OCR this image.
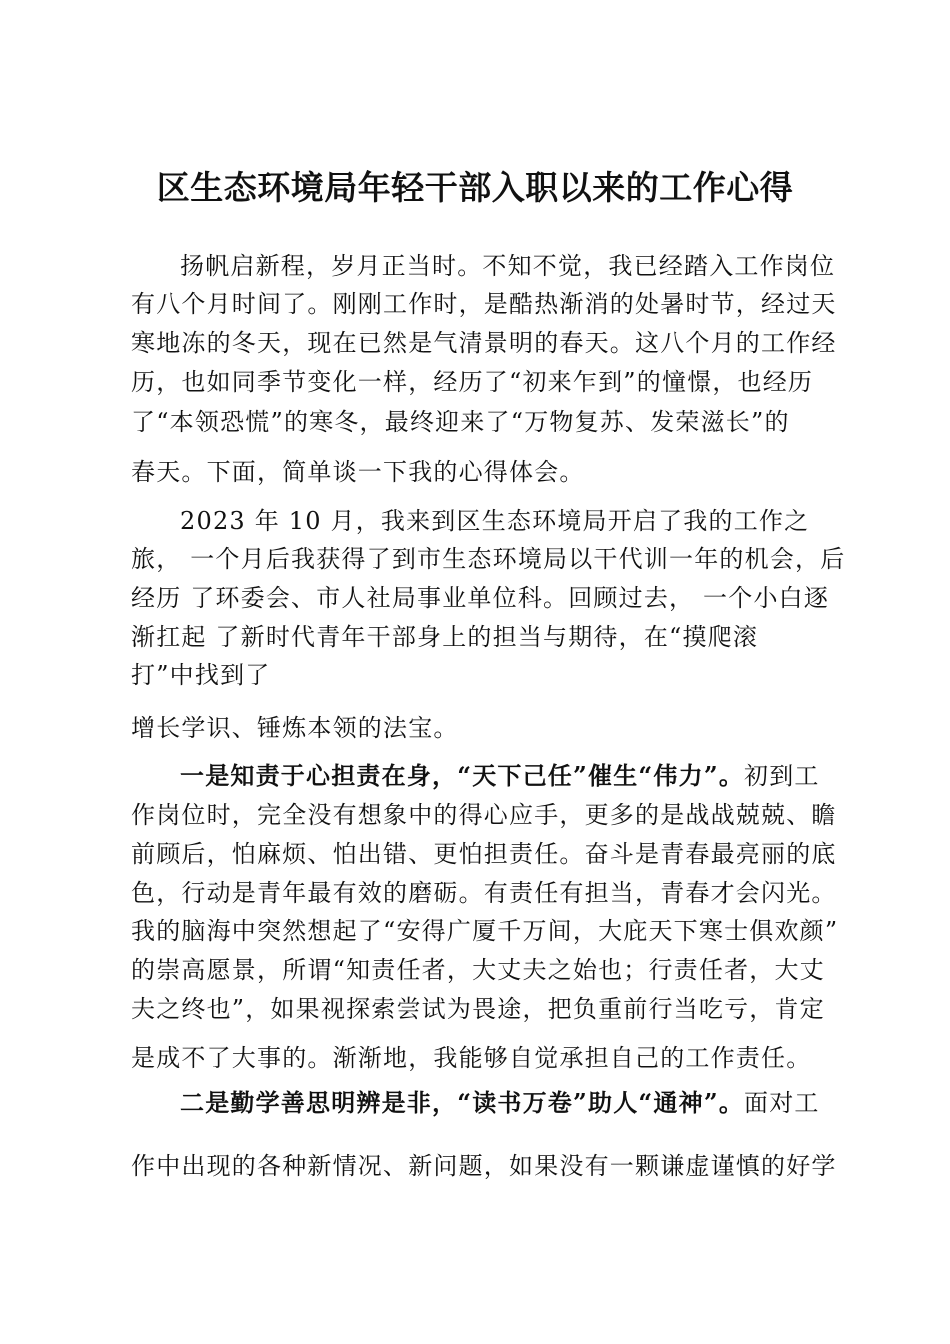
区生态环境局年轻干部入职以来的工作心得
扬帆启新程，岁月正当时。不知不觉，我已经踏入工作岗位
有八个月时间了。刚刚工作时，是酷热渐消的处暑时节，经过天
寒地冻的冬天，现在已然是气清景明的春天。这八个月的工作经
历，也如同季节变化一样，经历了“初来乍到”的憧憬，也经历
了“本领恐慌”的寒冬，最终迎来了“万物复苏、发荣滋长”的
春天。下面，简单谈一下我的心得体会。
2023 年 10 月，我来到区生态环境局开启了我的工作之
旅， 一个月后我获得了到市生态环境局以干代训一年的机会，后
经历 了环委会、市人社局事业单位科。回顾过去， 一个小白逐
渐扛起 了新时代青年干部身上的担当与期待，在“摸爬滚
打”中找到了
增长学识、锤炼本领的法宝。
一是知责于心担责在身，“天下己任”催生“伟力”。初到工
作岗位时，完全没有想象中的得心应手，更多的是战战兢兢、瞻
前顾后，怕麻烦、怕出错、更怕担责任。奋斗是青春最亮丽的底
色，行动是青年最有效的磨砺。有责任有担当，青春才会闪光。
我的脑海中突然想起了“安得广厦千万间，大庇天下寒士俱欢颜”
的崇高愿景，所谓“知责任者，大丈夫之始也；行责任者，大丈
夫之终也”，如果视探索尝试为畏途，把负重前行当吃亏，肯定
是成不了大事的。渐渐地，我能够自觉承担自己的工作责任。
二是勤学善思明辨是非，“读书万卷”助人“通神”。面对工
作中出现的各种新情况、新问题，如果没有一颗谦虚谨慎的好学
